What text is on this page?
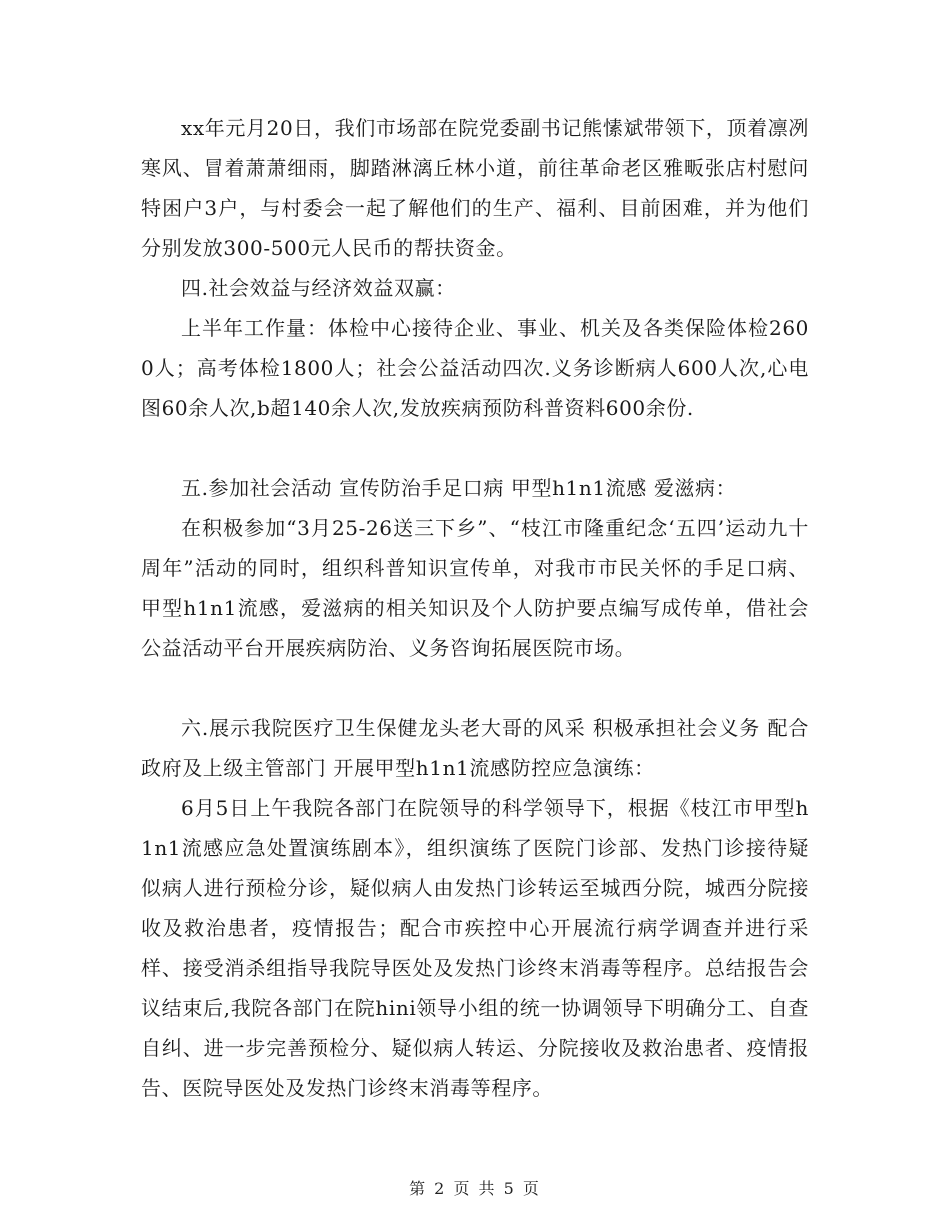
xx年元月20日，我们市场部在院党委副书记熊愫斌带领下，顶着凛冽寒风、冒着萧萧细雨，脚踏淋漓丘林小道，前往革命老区雅畈张店村慰问特困户3户，与村委会一起了解他们的生产、福利、目前困难，并为他们分别发放300-500元人民币的帮扶资金。

四.社会效益与经济效益双赢：

上半年工作量：体检中心接待企业、事业、机关及各类保险体检2600人；高考体检1800人；社会公益活动四次.义务诊断病人600人次,心电图60余人次,b超140余人次,发放疾病预防科普资料600余份.

五.参加社会活动 宣传防治手足口病 甲型h1n1流感 爱滋病：

在积极参加“3月25-26送三下乡”、“枝江市隆重纪念‘五四’运动九十周年”活动的同时，组织科普知识宣传单，对我市市民关怀的手足口病、甲型h1n1流感，爱滋病的相关知识及个人防护要点编写成传单，借社会公益活动平台开展疾病防治、义务咨询拓展医院市场。

六.展示我院医疗卫生保健龙头老大哥的风采 积极承担社会义务 配合政府及上级主管部门 开展甲型h1n1流感防控应急演练：

6月5日上午我院各部门在院领导的科学领导下，根据《枝江市甲型h1n1流感应急处置演练剧本》，组织演练了医院门诊部、发热门诊接待疑似病人进行预检分诊，疑似病人由发热门诊转运至城西分院，城西分院接收及救治患者，疫情报告；配合市疾控中心开展流行病学调查并进行采样、接受消杀组指导我院导医处及发热门诊终末消毒等程序。总结报告会议结束后,我院各部门在院hini领导小组的统一协调领导下明确分工、自查自纠、进一步完善预检分、疑似病人转运、分院接收及救治患者、疫情报告、医院导医处及发热门诊终末消毒等程序。

第 2 页 共 5 页
